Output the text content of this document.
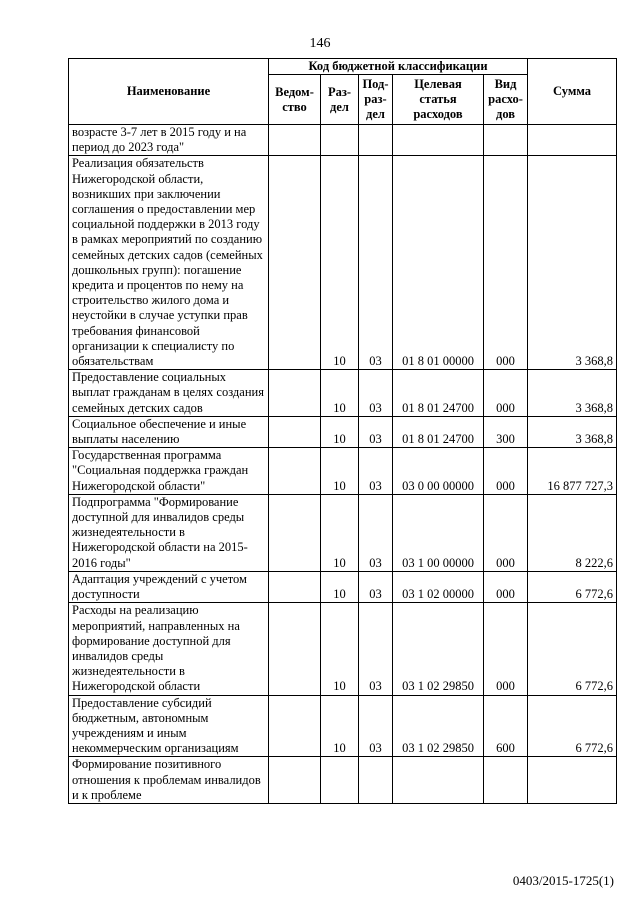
146
Наименование	Код бюджетной классификации					Сумма
	Ведом-ство	Раз-дел	Под-раз-дел	Целевая статья расходов	Вид расхо-дов	
возрасте 3-7 лет в 2015 году и на период до 2023 года"						
Реализация обязательств Нижегородской области, возникших при заключении соглашения о предоставлении мер социальной поддержки в 2013 году в рамках мероприятий по созданию семейных детских садов (семейных дошкольных групп): погашение кредита и процентов по нему на строительство жилого дома и неустойки в случае уступки прав требования финансовой организации к специалисту по обязательствам		10	03	01 8 01 00000	000	3 368,8
Предоставление социальных выплат гражданам в целях создания семейных детских садов		10	03	01 8 01 24700	000	3 368,8
Социальное обеспечение и иные выплаты населению		10	03	01 8 01 24700	300	3 368,8
Государственная программа "Социальная поддержка граждан Нижегородской области"		10	03	03 0 00 00000	000	16 877 727,3
Подпрограмма "Формирование доступной для инвалидов среды жизнедеятельности в Нижегородской области на 2015-2016 годы"		10	03	03 1 00 00000	000	8 222,6
Адаптация учреждений с учетом доступности		10	03	03 1 02 00000	000	6 772,6
Расходы на реализацию мероприятий, направленных на формирование доступной для инвалидов среды жизнедеятельности в Нижегородской области		10	03	03 1 02 29850	000	6 772,6
Предоставление субсидий бюджетным, автономным учреждениям и иным некоммерческим организациям		10	03	03 1 02 29850	600	6 772,6
Формирование позитивного отношения к проблемам инвалидов и к проблеме						
0403/2015-1725(1)
